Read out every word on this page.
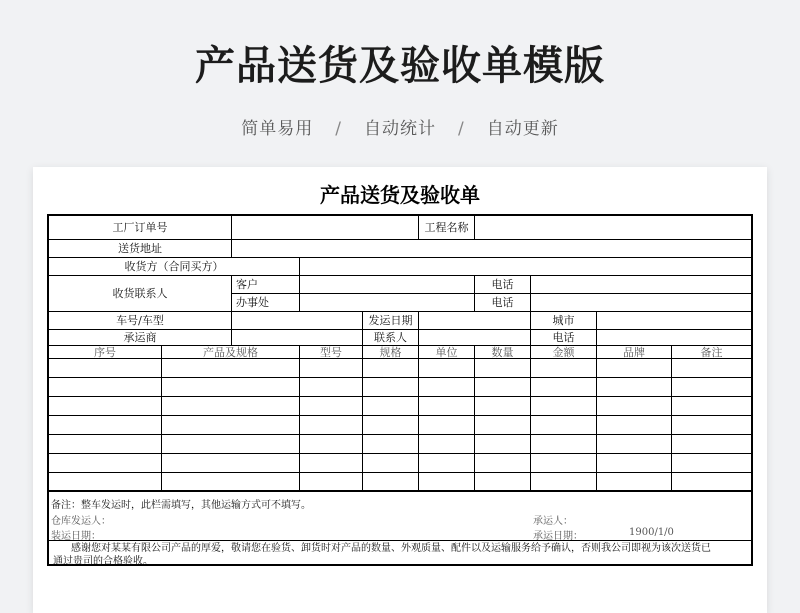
产品送货及验收单模版
简单易用 / 自动统计 / 自动更新
产品送货及验收单
工厂订单号	工程名称
送货地址
收货方（合同买方）
收货联系人
客户	电话
办事处	电话
车号/车型	发运日期	城市
承运商	联系人	电话
序号	产品及规格	型号	规格	单位	数量	金额	品牌	备注
备注：整车发运时，此栏需填写，其他运输方式可不填写。
仓库发运人：	承运人：
装运日期：	承运日期：	1900/1/0
感谢您对某某有限公司产品的厚爱，敬请您在验货、卸货时对产品的数量、外观质量、配件以及运输服务给予确认，否则我公司即视为该次送货已
通过贵司的合格验收。
